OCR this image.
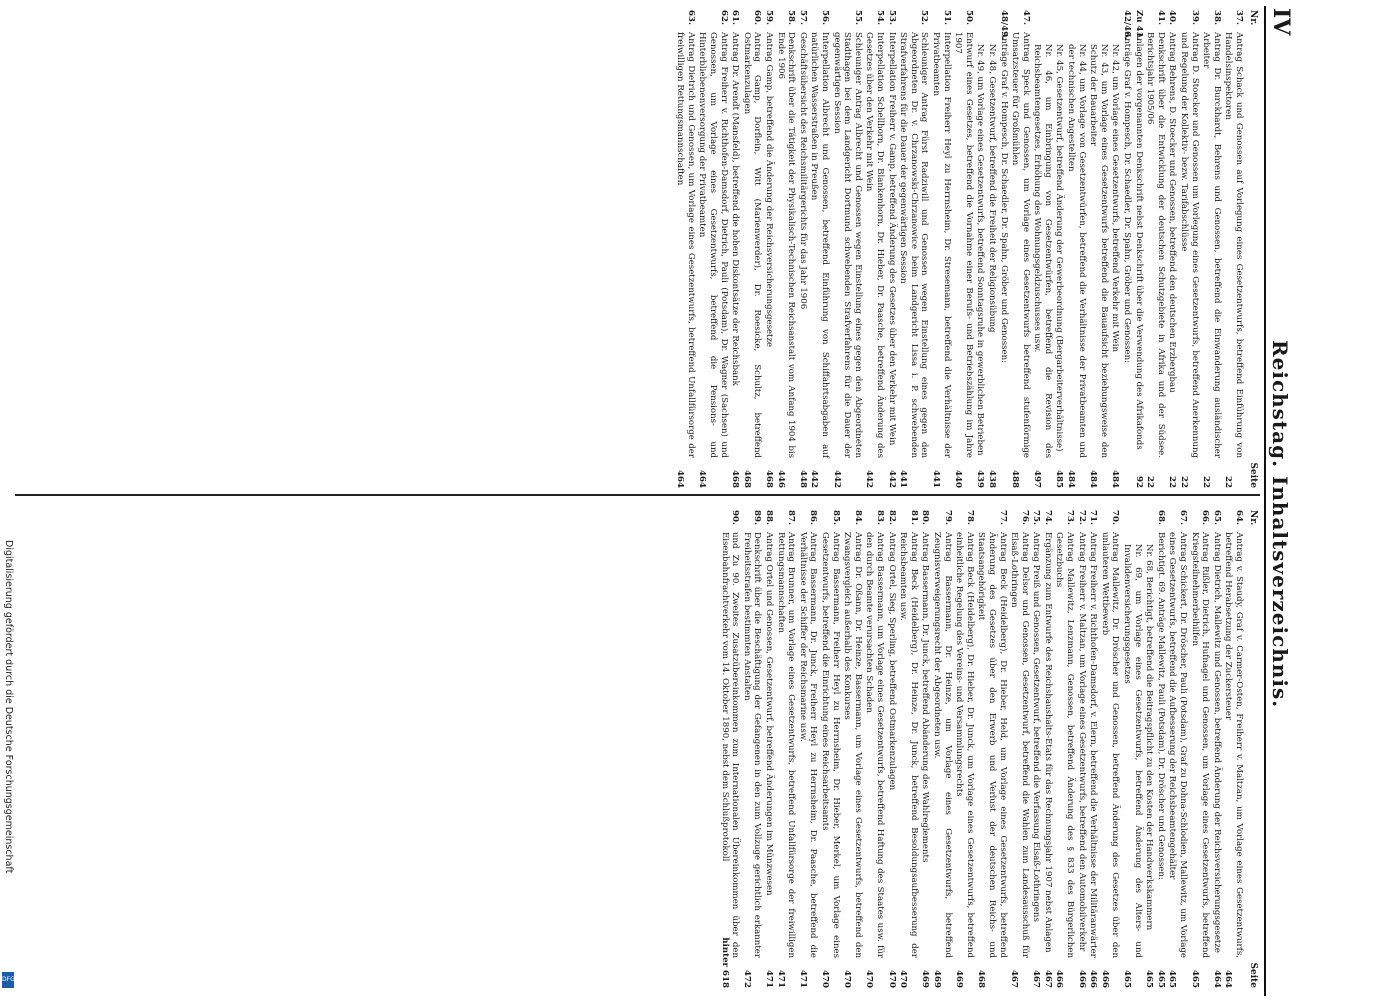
IV
Reichstag. Inhaltsverzeichnis.
Nr.
Seite
37.
Antrag Schack und Genossen auf Vorlegung eines Gesetzentwurfs, betreffend Einführung von Handelsinspektoren
22
38.
Antrag Dr. Burckhardt, Behrens und Genossen, betreffend die Einwanderung ausländischer Arbeiter
22
39.
Antrag D. Stoecker und Genossen um Vorlegung eines Gesetzentwurfs, betreffend Anerkennung und Regelung der Kollektiv- bezw. Tarifabschlüsse
22
40.
Antrag Behrens, D. Stoecker und Genossen, betreffend den deutschen Erzbergbau
22
41.
Denkschrift über die Entwicklung der deutschen Schutzgebiete in Afrika und der Südsee. Berichtsjahr 1905/06
22
Zu 41.
Anlagen der vorgenannten Denkschrift nebst Denkschrift über die Verwendung des Afrikafonds
92
42/46.
Anträge Graf v. Hompesch, Dr. Schaedler, Dr. Spahn, Gröber und Genossen:
Nr. 42, um Vorlage eines Gesetzentwurfs, betreffend Verkehr mit Wein
484
Nr. 43, um Vorlage eines Gesetzentwurfs betreffend die Bauaufsicht beziehungsweise den Schutz der Bauarbeiter
484
Nr. 44, um Vorlage von Gesetzentwürfen, betreffend die Verhältnisse der Privatbeamten und der technischen Angestellten
484
Nr. 45, Gesetzentwurf, betreffend Änderung der Gewerbeordnung (Bergarbeiterverhältnisse)
485
Nr. 46, um Einbringung von Gesetzentwürfen, betreffend die Revision des Reichsbeamtengesetzes, Erhöhung des Wohnungsgeldzuschusses usw.
497
47.
Antrag Speck und Genossen, um Vorlage eines Gesetzentwurfs betreffend stufenförmige Umsatzsteuer für Großmühlen
488
48/49.
Anträge Graf v. Hompesch, Dr. Schaedler, Dr. Spahn, Gröber und Genossen:
Nr. 48, Gesetzentwurf, betreffend die Freiheit der Religionsübung
438
Nr. 49, um Vorlage eines Gesetzentwurfs, betreffend Sonntagsruhe in gewerblichen Betrieben
439
50.
Entwurf eines Gesetzes, betreffend die Vornahme einer Berufs- und Betriebszählung im Jahre 1907
440
51.
Interpellation Freiherr Heyl zu Herrnsheim, Dr. Stresemann, betreffend die Verhältnisse der Privatbeamten
441
52.
Schleuniger Antrag Fürst Radziwill und Genossen wegen Einstellung eines gegen den Abgeordneten Dr. v. Chrzanowski-Chrzanowice beim Landgericht Lissa i. P. schwebenden Strafverfahrens für die Dauer der gegenwärtigen Session
441
53.
Interpellation Freiherr v. Gamp, betreffend Änderung des Gesetzes über den Verkehr mit Wein
442
54.
Interpellation Schellhorn, Dr. Blankenhorn, Dr. Hieber, Dr. Paasche, betreffend Änderung des Gesetzes über den Verkehr mit Wein
442
55.
Schleuniger Antrag Albrecht und Genossen wegen Einstellung eines gegen den Abgeordneten Stadthagen bei dem Landgericht Dortmund schwebenden Strafverfahrens für die Dauer der gegenwärtigen Session
442
56.
Interpellation Albrecht und Genossen, betreffend Einführung von Schiffahrtsabgaben auf natürlichen Wasserstraßen in Preußen
442
57.
Geschäftsübersicht des Reichsmilitärgerichts für das Jahr 1906
448
58.
Denkschrift über die Tätigkeit der Physikalisch-Technischen Reichsanstalt vom Anfang 1904 bis Ende 1906
446
59.
Antrag Gamp, betreffend die Änderung der Reichsversicherungsgesetze
468
60.
Antrag Gamp, Dorflein, Witt (Marienwerder), Dr. Roesicke, Schultz, betreffend Ostmarkenzulagen
468
61.
Antrag Dr. Arendt (Mansfeld), betreffend die hohen Diskontsätze der Reichsbank
468
62.
Antrag Freiherr v. Richthofen-Damsdorf, Dietrich, Pauli (Potsdam), Dr. Wagner (Sachsen) und Genossen, um Vorlage eines Gesetzentwurfs, betreffend die Pensions- und Hinterbliebenenversorgung der Privatbeamten
464
63.
Antrag Dietrich und Genossen, um Vorlage eines Gesetzentwurfs, betreffend Unfallfürsorge der freiwilligen Rettungsmannschaften
464
Nr.
Seite
64.
Antrag v. Staudy, Graf v. Carmer-Osten, Freiherr v. Maltzan, um Vorlage eines Gesetzentwurfs, betreffend Herabsetzung der Zuckersteuer
464
65.
Antrag Dietrich, Mallewitz und Genossen, betreffend Änderung der Reichsversicherungsgesetze
464
66.
Antrag Rißler, Dietrich, Hufnagel und Genossen, um Vorlage eines Gesetzentwurfs, betreffend Kriegsteilnehmerbeihilfen
465
67.
Antrag Schickert, Dr. Dröscher, Pauli (Potsdam), Graf zu Dohna-Schlodien, Mallewitz, um Vorlage eines Gesetzentwurfs, betreffend die Aufbesserung der Reichsbeamtengehälter
465
68.
Berichtigt. 69. Anträge Mallewitz, Pauli (Potsdam), Dr. Dröscher und Genossen:
465
Nr. 68, Berichtigt, betreffend die Beitragspflicht zu den Kosten der Handwerkskammern
465
Nr. 69, um Vorlage eines Gesetzentwurfs, betreffend Änderung des Alters- und Invalidenversicherungsgesetzes
465
70.
Antrag Mallewitz, Dr. Dröscher und Genossen, betreffend Änderung des Gesetzes über den unlauteren Wettbewerb
466
71.
Antrag Freiherr v. Richthofen-Damsdorf, v. Elern, betreffend die Verhältnisse der Militäranwärter
466
72.
Antrag Freiherr v. Maltzan, um Vorlage eines Gesetzentwurfs, betreffend den Automobilverkehr
466
73.
Antrag Mallewitz, Lenzmann, Genossen, betreffend Änderung des § 833 des Bürgerlichen Gesetzbuchs
466
74.
Ergänzung zum Entwurfe des Reichshaushalts-Etats für das Rechnungsjahr 1907 nebst Anlagen
467
75.
Antrag Preiß und Genossen, Gesetzentwurf, betreffend die Verfassung Elsaß-Lothringens
467
76.
Antrag Delsor und Genossen, Gesetzentwurf, betreffend die Wahlen zum Landesausschuß für Elsaß-Lothringen
467
77.
Antrag Beck (Heidelberg), Dr. Hieber, Held, um Vorlage eines Gesetzentwurfs, betreffend Änderung des Gesetzes über den Erwerb und Verlust der deutschen Reichs- und Staatsangehörigkeit
468
78.
Antrag Beck (Heidelberg), Dr. Hieber, Dr. Junck, um Vorlage eines Gesetzentwurfs, betreffend einheitliche Regelung des Vereins- und Versammlungsrechts
469
79.
Antrag Bassermann, Dr. Heinze, um Vorlage eines Gesetzentwurfs, betreffend Zeugnisverweigerungsrecht der Abgeordneten usw.
469
80.
Antrag Bassermann, Dr. Junck, betreffend Abänderung des Wahlreglements
469
81.
Antrag Beck (Heidelberg), Dr. Heinze, Dr. Junck, betreffend Besoldungsaufbesserung der Reichsbeamten usw.
470
82.
Antrag Ortel, Sieg, Sperling, betreffend Ostmarkenzulagen
470
83.
Antrag Bassermann, um Vorlage eines Gesetzentwurfs, betreffend Haftung des Staates usw. für den durch Beamte verursachten Schaden
470
84.
Antrag Dr. Oßann, Dr. Heinze, Bassermann, um Vorlage eines Gesetzentwurfs, betreffend den Zwangsvergleich außerhalb des Konkurses
470
85.
Antrag Bassermann, Freiherr Heyl zu Herrnsheim, Dr. Hieber, Merkel, um Vorlage eines Gesetzentwurfs, betreffend die Einrichtung eines Reichsarbeitsamts
470
86.
Antrag Bassermann, Dr. Junck, Freiherr Heyl zu Herrnsheim, Dr. Paasche, betreffend die Verhältnisse der Schiffer der Reichsmarine usw.
471
87.
Antrag Brunner, um Vorlage eines Gesetzentwurfs, betreffend Unfallfürsorge der freiwilligen Rettungsmannschaften
471
88.
Antrag Ortel und Genossen, Gesetzentwurf, betreffend Änderungen im Münzwesen
471
89.
Denkschrift über die Beschäftigung der Gefangenen in den zum Vollzuge gerichtlich erkannter Freiheitsstrafen bestimmten Anstalten
472
90.
und Zu 90. Zweites Zusatzübereinkommen zum Internationalen Übereinkommen über den Eisenbahnfrachtverkehr vom 14. Oktober 1890, nebst dem Schlußprotokoll
hinter 618
Digitalisierung gefördert durch die Deutsche Forschungsgemeinschaft
DFG
